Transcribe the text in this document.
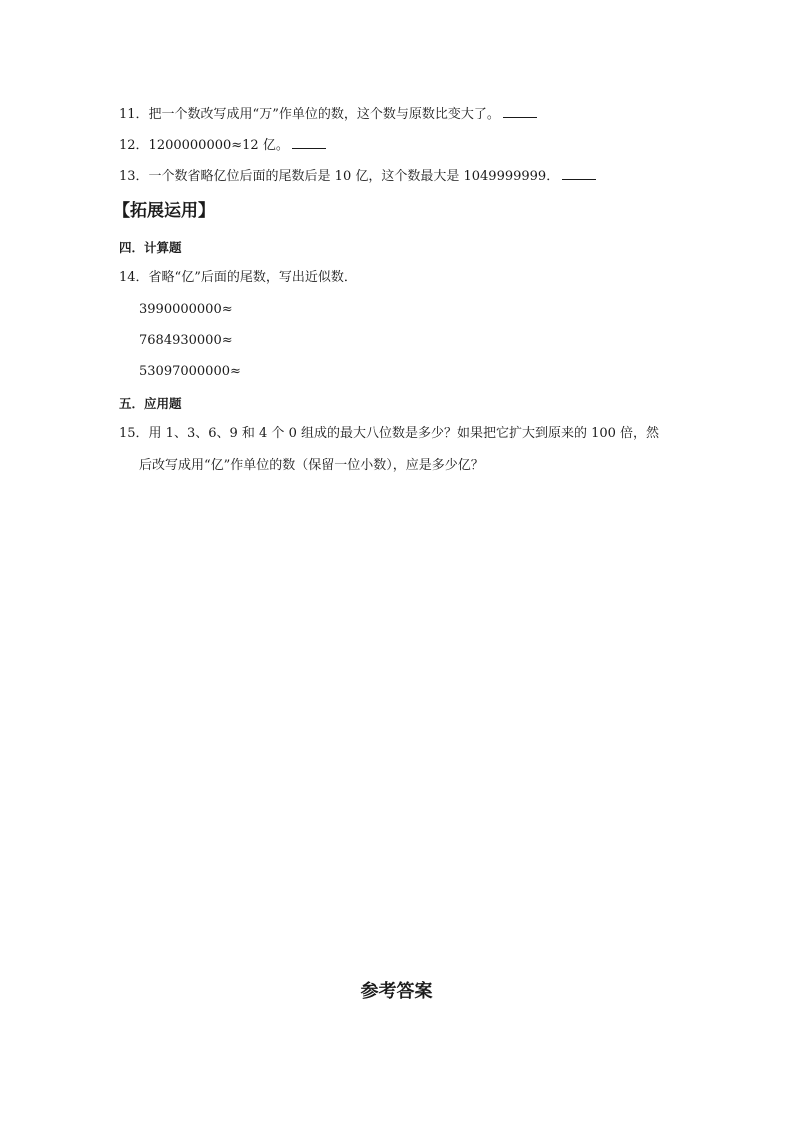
11．把一个数改写成用“万”作单位的数，这个数与原数比变大了。
12．1200000000≈12 亿。
13．一个数省略亿位后面的尾数后是 10 亿，这个数最大是 1049999999．
【拓展运用】
四．计算题
14．省略“亿”后面的尾数，写出近似数．
3990000000≈
7684930000≈
53097000000≈
五．应用题
15．用 1、3、6、9 和 4 个 0 组成的最大八位数是多少？如果把它扩大到原来的 100 倍，然
后改写成用“亿”作单位的数（保留一位小数），应是多少亿？
参考答案
